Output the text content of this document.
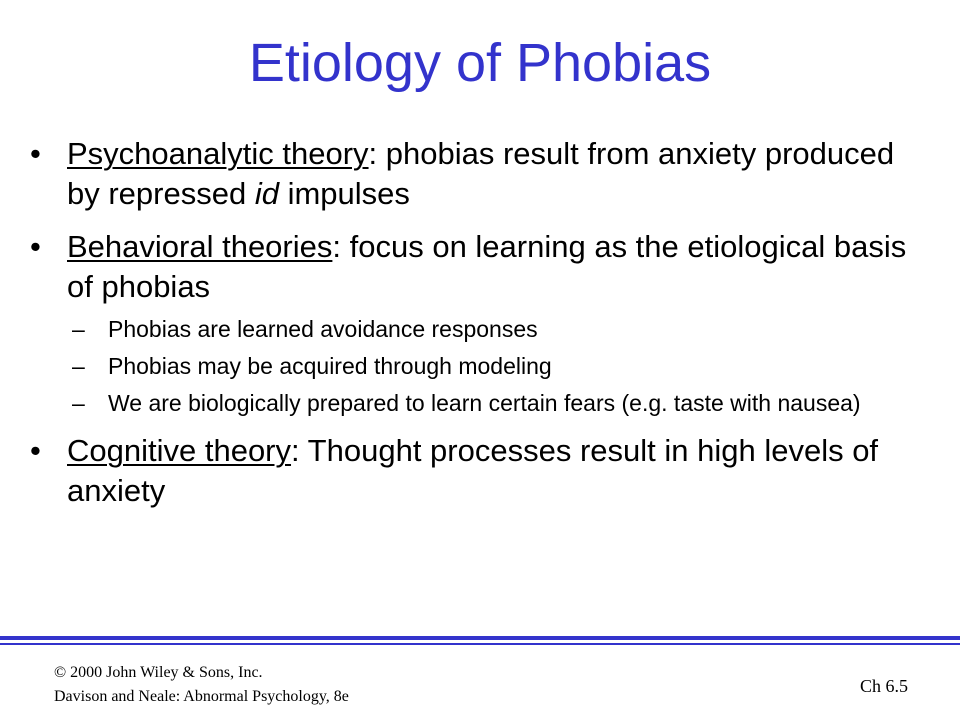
Etiology of Phobias
• Psychoanalytic theory: phobias result from anxiety produced by repressed id impulses
• Behavioral theories: focus on learning as the etiological basis of phobias
– Phobias are learned avoidance responses
– Phobias may be acquired through modeling
– We are biologically prepared to learn certain fears (e.g. taste with nausea)
• Cognitive theory: Thought processes result in high levels of anxiety
© 2000 John Wiley & Sons, Inc.
Davison and Neale: Abnormal Psychology, 8e
Ch 6.5
